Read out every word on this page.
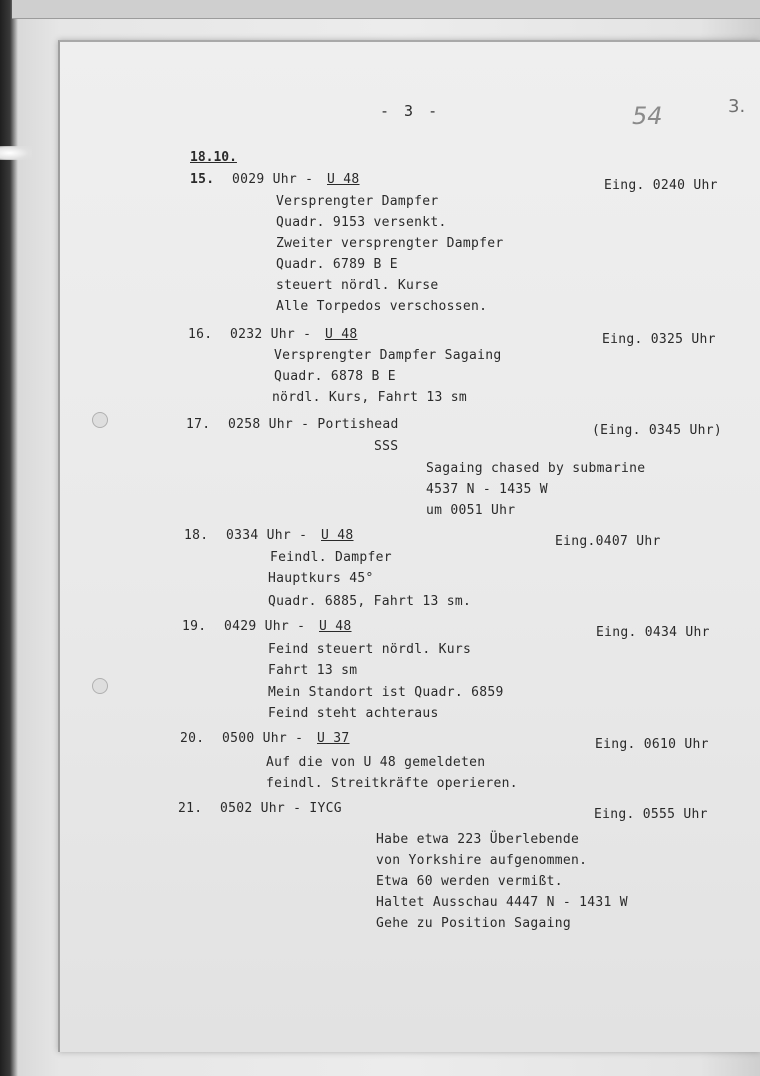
- 3 -	54	3.
18.10.
15. 0029 Uhr - U 48	Eing. 0240 Uhr
Versprengter Dampfer
Quadr. 9153 versenkt.
Zweiter versprengter Dampfer
Quadr. 6789 B E
steuert nördl. Kurse
Alle Torpedos verschossen.
16. 0232 Uhr - U 48	Eing. 0325 Uhr
Versprengter Dampfer Sagaing
Quadr. 6878 B E
nördl. Kurs, Fahrt 13 sm
17. 0258 Uhr - Portishead	(Eing. 0345 Uhr)
SSS
Sagaing chased by submarine
4537 N - 1435 W
um 0051 Uhr
18. 0334 Uhr - U 48	Eing.0407 Uhr
Feindl. Dampfer
Hauptkurs 45°
Quadr. 6885, Fahrt 13 sm.
19. 0429 Uhr - U 48	Eing. 0434 Uhr
Feind steuert nördl. Kurs
Fahrt 13 sm
Mein Standort ist Quadr. 6859
Feind steht achteraus
20. 0500 Uhr - U 37	Eing. 0610 Uhr
Auf die von U 48 gemeldeten
feindl. Streitkräfte operieren.
21. 0502 Uhr - IYCG	Eing. 0555 Uhr
Habe etwa 223 Überlebende
von Yorkshire aufgenommen.
Etwa 60 werden vermißt.
Haltet Ausschau 4447 N - 1431 W
Gehe zu Position Sagaing
